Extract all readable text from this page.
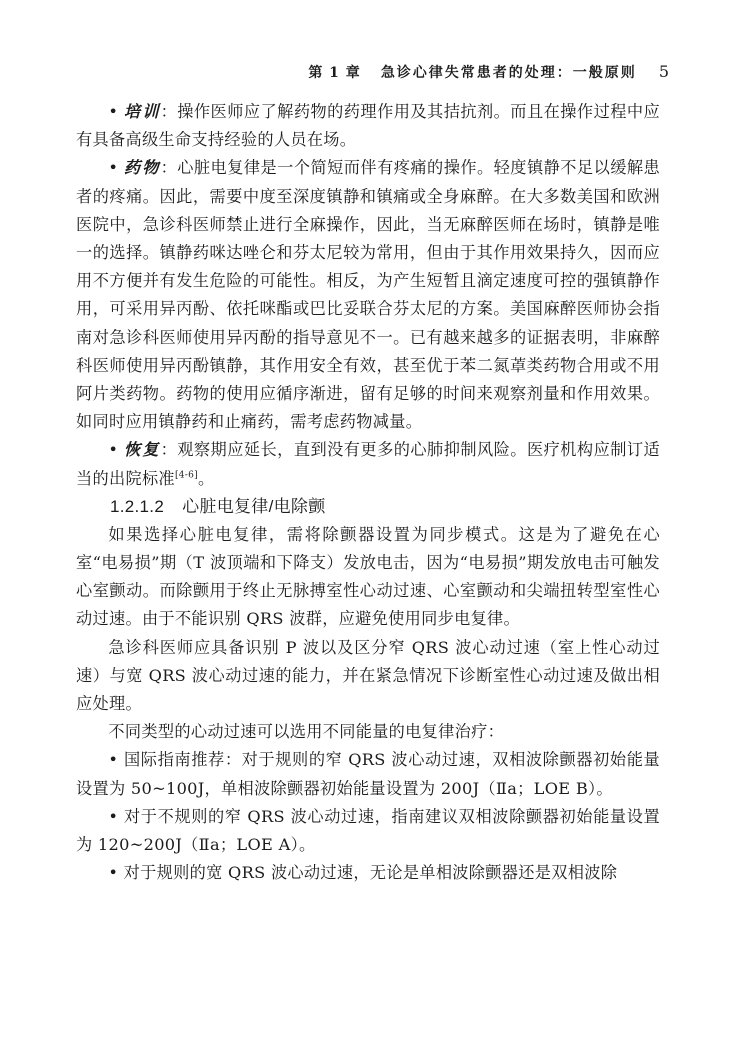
第 1 章 急诊心律失常患者的处理：一般原则 5

• 培训：操作医师应了解药物的药理作用及其拮抗剂。而且在操作过程中应有具备高级生命支持经验的人员在场。

• 药物：心脏电复律是一个简短而伴有疼痛的操作。轻度镇静不足以缓解患者的疼痛。因此，需要中度至深度镇静和镇痛或全身麻醉。在大多数美国和欧洲医院中，急诊科医师禁止进行全麻操作，因此，当无麻醉医师在场时，镇静是唯一的选择。镇静药咪达唑仑和芬太尼较为常用，但由于其作用效果持久，因而应用不方便并有发生危险的可能性。相反，为产生短暂且滴定速度可控的强镇静作用，可采用异丙酚、依托咪酯或巴比妥联合芬太尼的方案。美国麻醉医师协会指南对急诊科医师使用异丙酚的指导意见不一。已有越来越多的证据表明，非麻醉科医师使用异丙酚镇静，其作用安全有效，甚至优于苯二氮䓬类药物合用或不用阿片类药物。药物的使用应循序渐进，留有足够的时间来观察剂量和作用效果。如同时应用镇静药和止痛药，需考虑药物减量。

• 恢复：观察期应延长，直到没有更多的心肺抑制风险。医疗机构应制订适当的出院标准[4-6]。

1.2.1.2 心脏电复律/电除颤

如果选择心脏电复律，需将除颤器设置为同步模式。这是为了避免在心室“电易损”期（T 波顶端和下降支）发放电击，因为“电易损”期发放电击可触发心室颤动。而除颤用于终止无脉搏室性心动过速、心室颤动和尖端扭转型室性心动过速。由于不能识别 QRS 波群，应避免使用同步电复律。

急诊科医师应具备识别 P 波以及区分窄 QRS 波心动过速（室上性心动过速）与宽 QRS 波心动过速的能力，并在紧急情况下诊断室性心动过速及做出相应处理。

不同类型的心动过速可以选用不同能量的电复律治疗：

• 国际指南推荐：对于规则的窄 QRS 波心动过速，双相波除颤器初始能量设置为 50~100J，单相波除颤器初始能量设置为 200J（Ⅱa；LOE B）。

• 对于不规则的窄 QRS 波心动过速，指南建议双相波除颤器初始能量设置为 120~200J（Ⅱa；LOE A）。

• 对于规则的宽 QRS 波心动过速，无论是单相波除颤器还是双相波除
